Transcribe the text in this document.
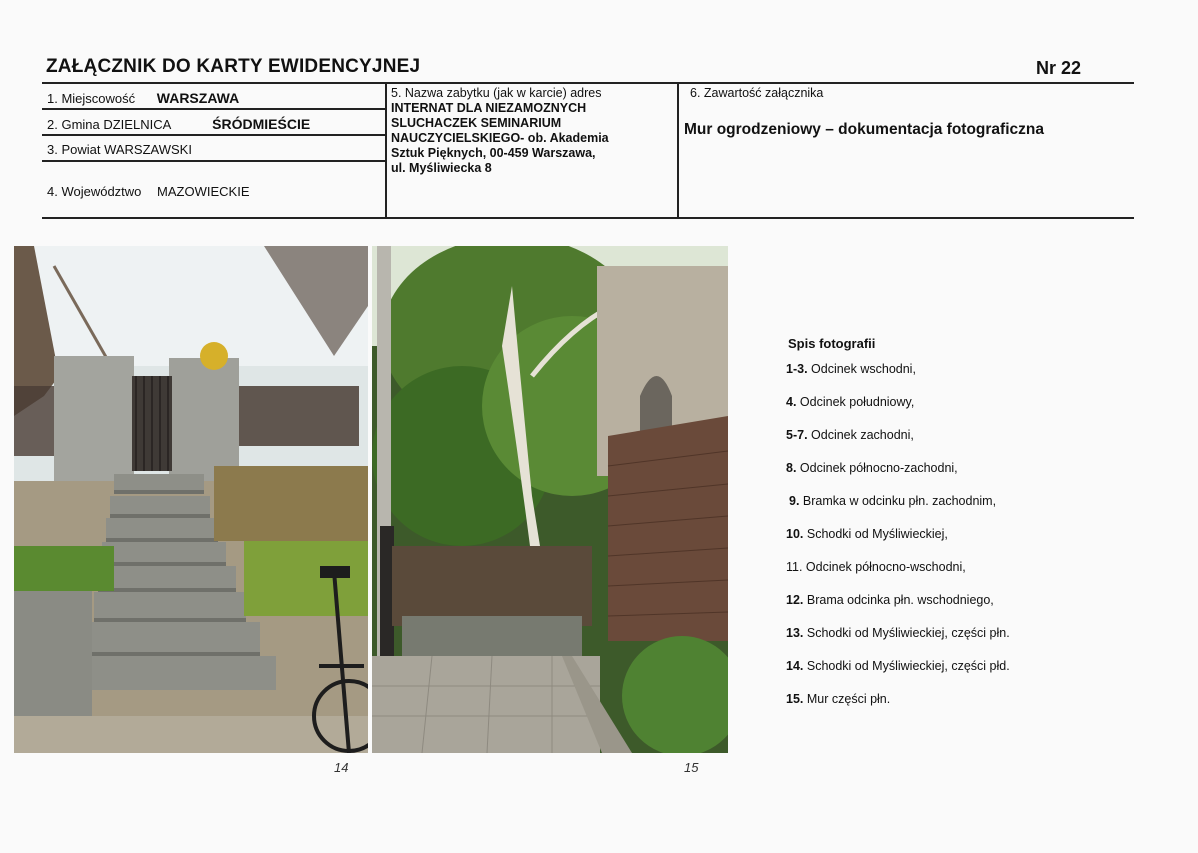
ZAŁĄCZNIK DO KARTY EWIDENCYJNEJ	Nr 22
1. Miejscowość WARSZAWA
2. Gmina DZIELNICA	ŚRÓDMIEŚCIE
3. Powiat WARSZAWSKI
4. Województwo MAZOWIECKIE
5. Nazwa zabytku (jak w karcie) adres
INTERNAT DLA NIEZAMOZNYCH
SLUCHACZEK SEMINARIUM
NAUCZYCIELSKIEGO- ob. Akademia
Sztuk Pięknych, 00-459 Warszawa,
ul. Myśliwiecka 8
6. Zawartość załącznika
Mur ogrodzeniowy – dokumentacja fotograficzna
14	15
Spis fotografii
1-3. Odcinek wschodni,
4. Odcinek południowy,
5-7. Odcinek zachodni,
8. Odcinek północno-zachodni,
9. Bramka w odcinku płn. zachodnim,
10. Schodki od Myśliwieckiej,
11. Odcinek północno-wschodni,
12. Brama odcinka płn. wschodniego,
13. Schodki od Myśliwieckiej, części płn.
14. Schodki od Myśliwieckiej, części płd.
15. Mur części płn.
